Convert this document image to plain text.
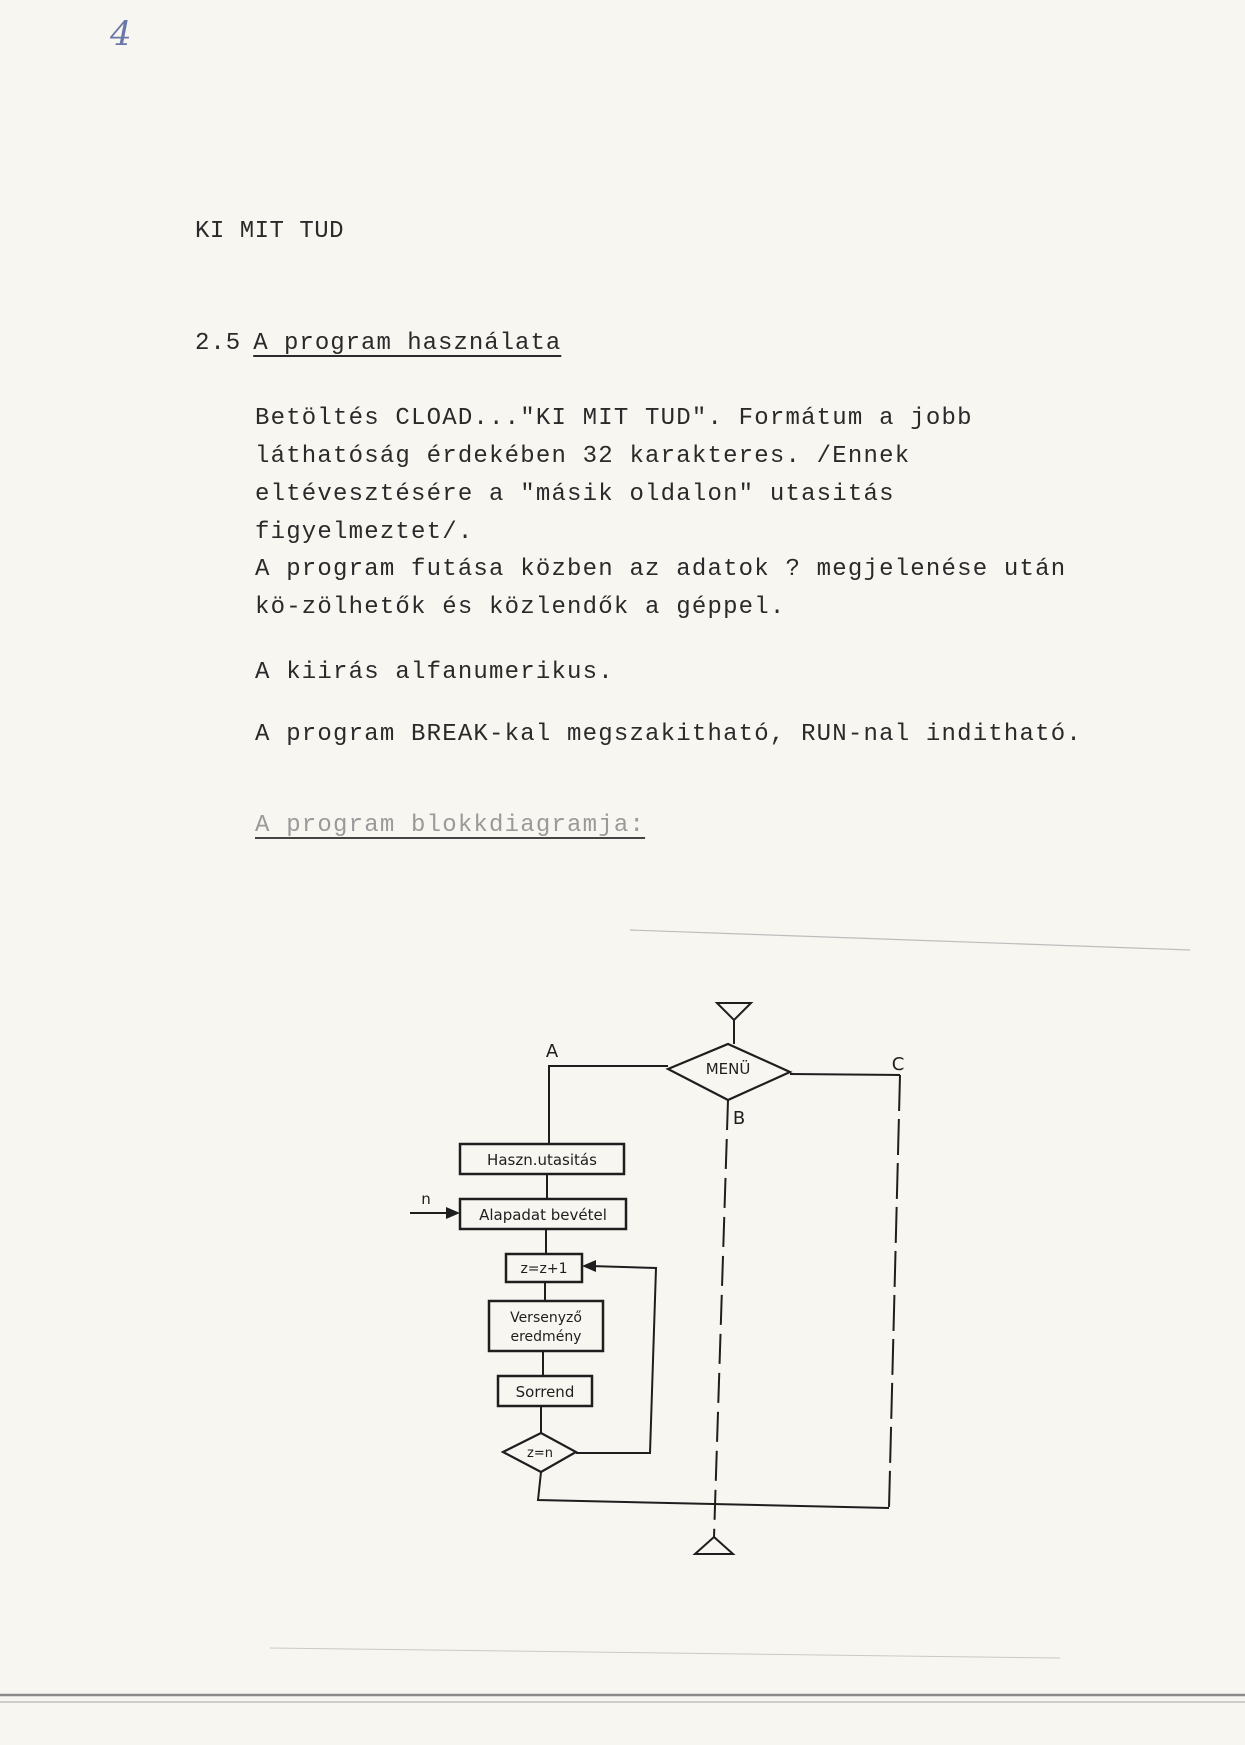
4
KI MIT TUD
2.5 A program használata

Betöltés CLOAD..."KI MIT TUD". Formátum a jobb láthatóság érdekében 32 karakteres. /Ennek eltévesztésére a "másik oldalon" utasitás figyelmeztet/.

A program futása közben az adatok ? megjelenése után kö-zölhetők és közlendők a géppel.

A kiirás alfanumerikus.

A program BREAK-kal megszakitható, RUN-nal inditható.

A program blokkdiagramja:
MENÜ
A
C
B
Haszn.utasitás
n
Alapadat bevétel
z=z+1
Versenyző
eredmény
Sorrend
z=n
